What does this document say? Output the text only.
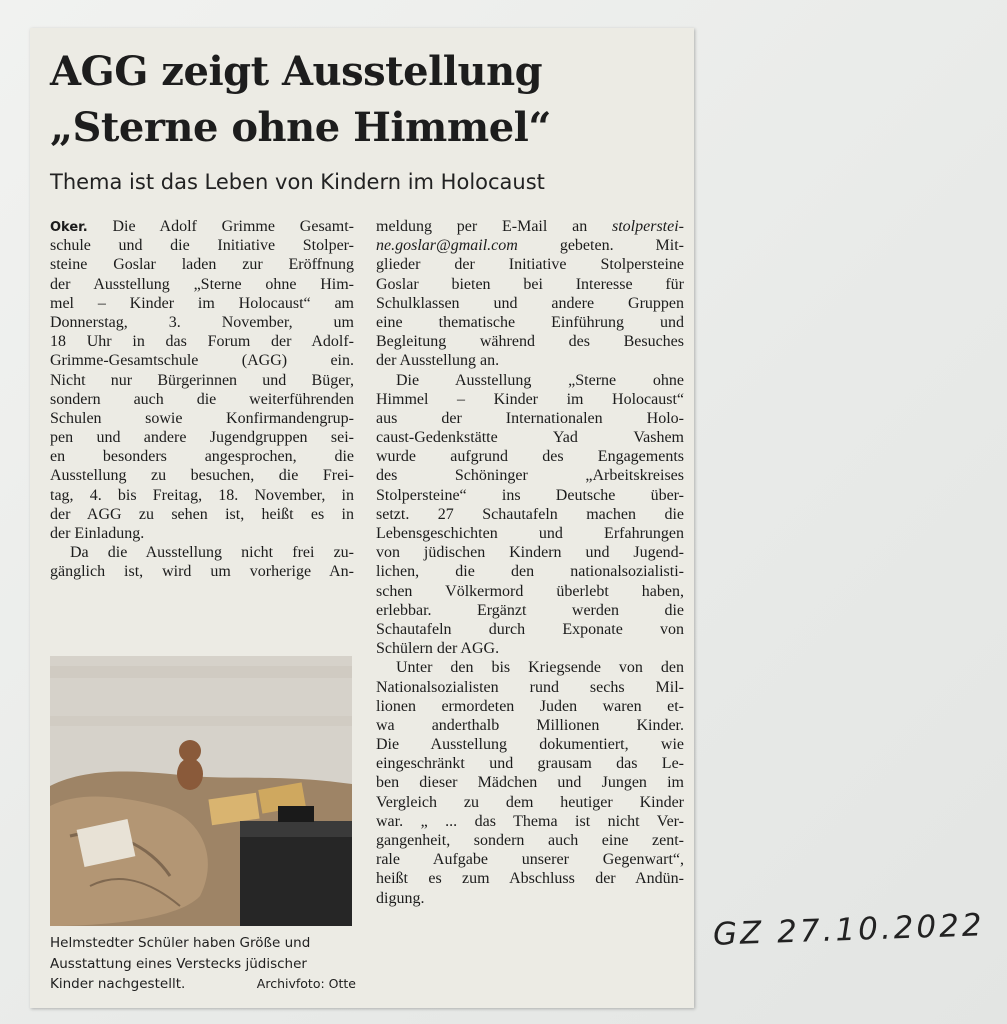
AGG zeigt Ausstellung
„Sterne ohne Himmel“
Thema ist das Leben von Kindern im Holocaust
Oker. Die Adolf Grimme Gesamt-
schule und die Initiative Stolper-
steine Goslar laden zur Eröffnung
der Ausstellung „Sterne ohne Him-
mel – Kinder im Holocaust“ am
Donnerstag, 3. November, um
18 Uhr in das Forum der Adolf-
Grimme-Gesamtschule (AGG) ein.
Nicht nur Bürgerinnen und Büger,
sondern auch die weiterführenden
Schulen sowie Konfirmandengrup-
pen und andere Jugendgruppen sei-
en besonders angesprochen, die
Ausstellung zu besuchen, die Frei-
tag, 4. bis Freitag, 18. November, in
der AGG zu sehen ist, heißt es in
der Einladung.
Da die Ausstellung nicht frei zu-
gänglich ist, wird um vorherige An-
meldung per E-Mail an stolperstei-
ne.goslar@gmail.com gebeten. Mit-
glieder der Initiative Stolpersteine
Goslar bieten bei Interesse für
Schulklassen und andere Gruppen
eine thematische Einführung und
Begleitung während des Besuches
der Ausstellung an.
Die Ausstellung „Sterne ohne
Himmel – Kinder im Holocaust“
aus der Internationalen Holo-
caust-Gedenkstätte Yad Vashem
wurde aufgrund des Engagements
des Schöninger „Arbeitskreises
Stolpersteine“ ins Deutsche über-
setzt. 27 Schautafeln machen die
Lebensgeschichten und Erfahrungen
von jüdischen Kindern und Jugend-
lichen, die den nationalsozialisti-
schen Völkermord überlebt haben,
erlebbar. Ergänzt werden die
Schautafeln durch Exponate von
Schülern der AGG.
Unter den bis Kriegsende von den
Nationalsozialisten rund sechs Mil-
lionen ermordeten Juden waren et-
wa anderthalb Millionen Kinder.
Die Ausstellung dokumentiert, wie
eingeschränkt und grausam das Le-
ben dieser Mädchen und Jungen im
Vergleich zu dem heutiger Kinder
war. „ ... das Thema ist nicht Ver-
gangenheit, sondern auch eine zent-
rale Aufgabe unserer Gegenwart“,
heißt es zum Abschluss der Andün-
digung.
Helmstedter Schüler haben Größe und
Ausstattung eines Verstecks jüdischer
Kinder nachgestellt.	Archivfoto: Otte
GZ 27.10.2022
